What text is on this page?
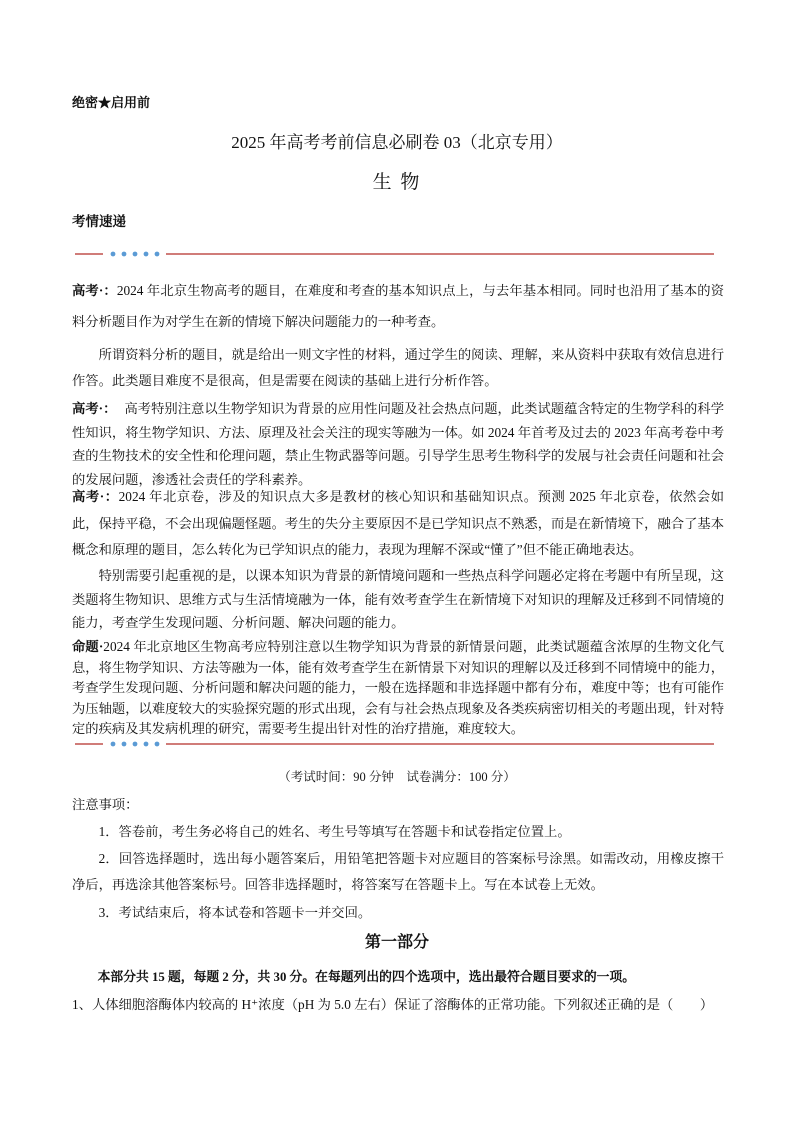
绝密★启用前
2025 年高考考前信息必刷卷 03（北京专用）
生 物
考情速递
高考·：2024 年北京生物高考的题目，在难度和考查的基本知识点上，与去年基本相同。同时也沿用了基本的资料分析题目作为对学生在新的情境下解决问题能力的一种考查。
所谓资料分析的题目，就是给出一则文字性的材料，通过学生的阅读、理解，来从资料中获取有效信息进行作答。此类题目难度不是很高，但是需要在阅读的基础上进行分析作答。
高考·： 高考特别注意以生物学知识为背景的应用性问题及社会热点问题，此类试题蕴含特定的生物学科的科学性知识，将生物学知识、方法、原理及社会关注的现实等融为一体。如 2024 年首考及过去的 2023 年高考卷中考查的生物技术的安全性和伦理问题，禁止生物武器等问题。引导学生思考生物科学的发展与社会责任问题和社会的发展问题，渗透社会责任的学科素养。
高考·：2024 年北京卷，涉及的知识点大多是教材的核心知识和基础知识点。预测 2025 年北京卷，依然会如此，保持平稳，不会出现偏题怪题。考生的失分主要原因不是已学知识点不熟悉，而是在新情境下，融合了基本概念和原理的题目，怎么转化为已学知识点的能力，表现为理解不深或“懂了”但不能正确地表达。
特别需要引起重视的是，以课本知识为背景的新情境问题和一些热点科学问题必定将在考题中有所呈现，这类题将生物知识、思维方式与生活情境融为一体，能有效考查学生在新情境下对知识的理解及迁移到不同情境的能力，考查学生发现问题、分析问题、解决问题的能力。
命题·2024 年北京地区生物高考应特别注意以生物学知识为背景的新情景问题，此类试题蕴含浓厚的生物文化气息，将生物学知识、方法等融为一体，能有效考查学生在新情景下对知识的理解以及迁移到不同情境中的能力，考查学生发现问题、分析问题和解决问题的能力，一般在选择题和非选择题中都有分布，难度中等；也有可能作为压轴题，以难度较大的实验探究题的形式出现，会有与社会热点现象及各类疾病密切相关的考题出现，针对特定的疾病及其发病机理的研究，需要考生提出针对性的治疗措施，难度较大。
（考试时间：90 分钟　试卷满分：100 分）
注意事项：
1．答卷前，考生务必将自己的姓名、考生号等填写在答题卡和试卷指定位置上。
2．回答选择题时，选出每小题答案后，用铅笔把答题卡对应题目的答案标号涂黑。如需改动，用橡皮擦干净后，再选涂其他答案标号。回答非选择题时，将答案写在答题卡上。写在本试卷上无效。
3．考试结束后，将本试卷和答题卡一并交回。
第一部分
本部分共 15 题，每题 2 分，共 30 分。在每题列出的四个选项中，选出最符合题目要求的一项。
1、人体细胞溶酶体内较高的 H⁺浓度（pH 为 5.0 左右）保证了溶酶体的正常功能。下列叙述正确的是（　　）
